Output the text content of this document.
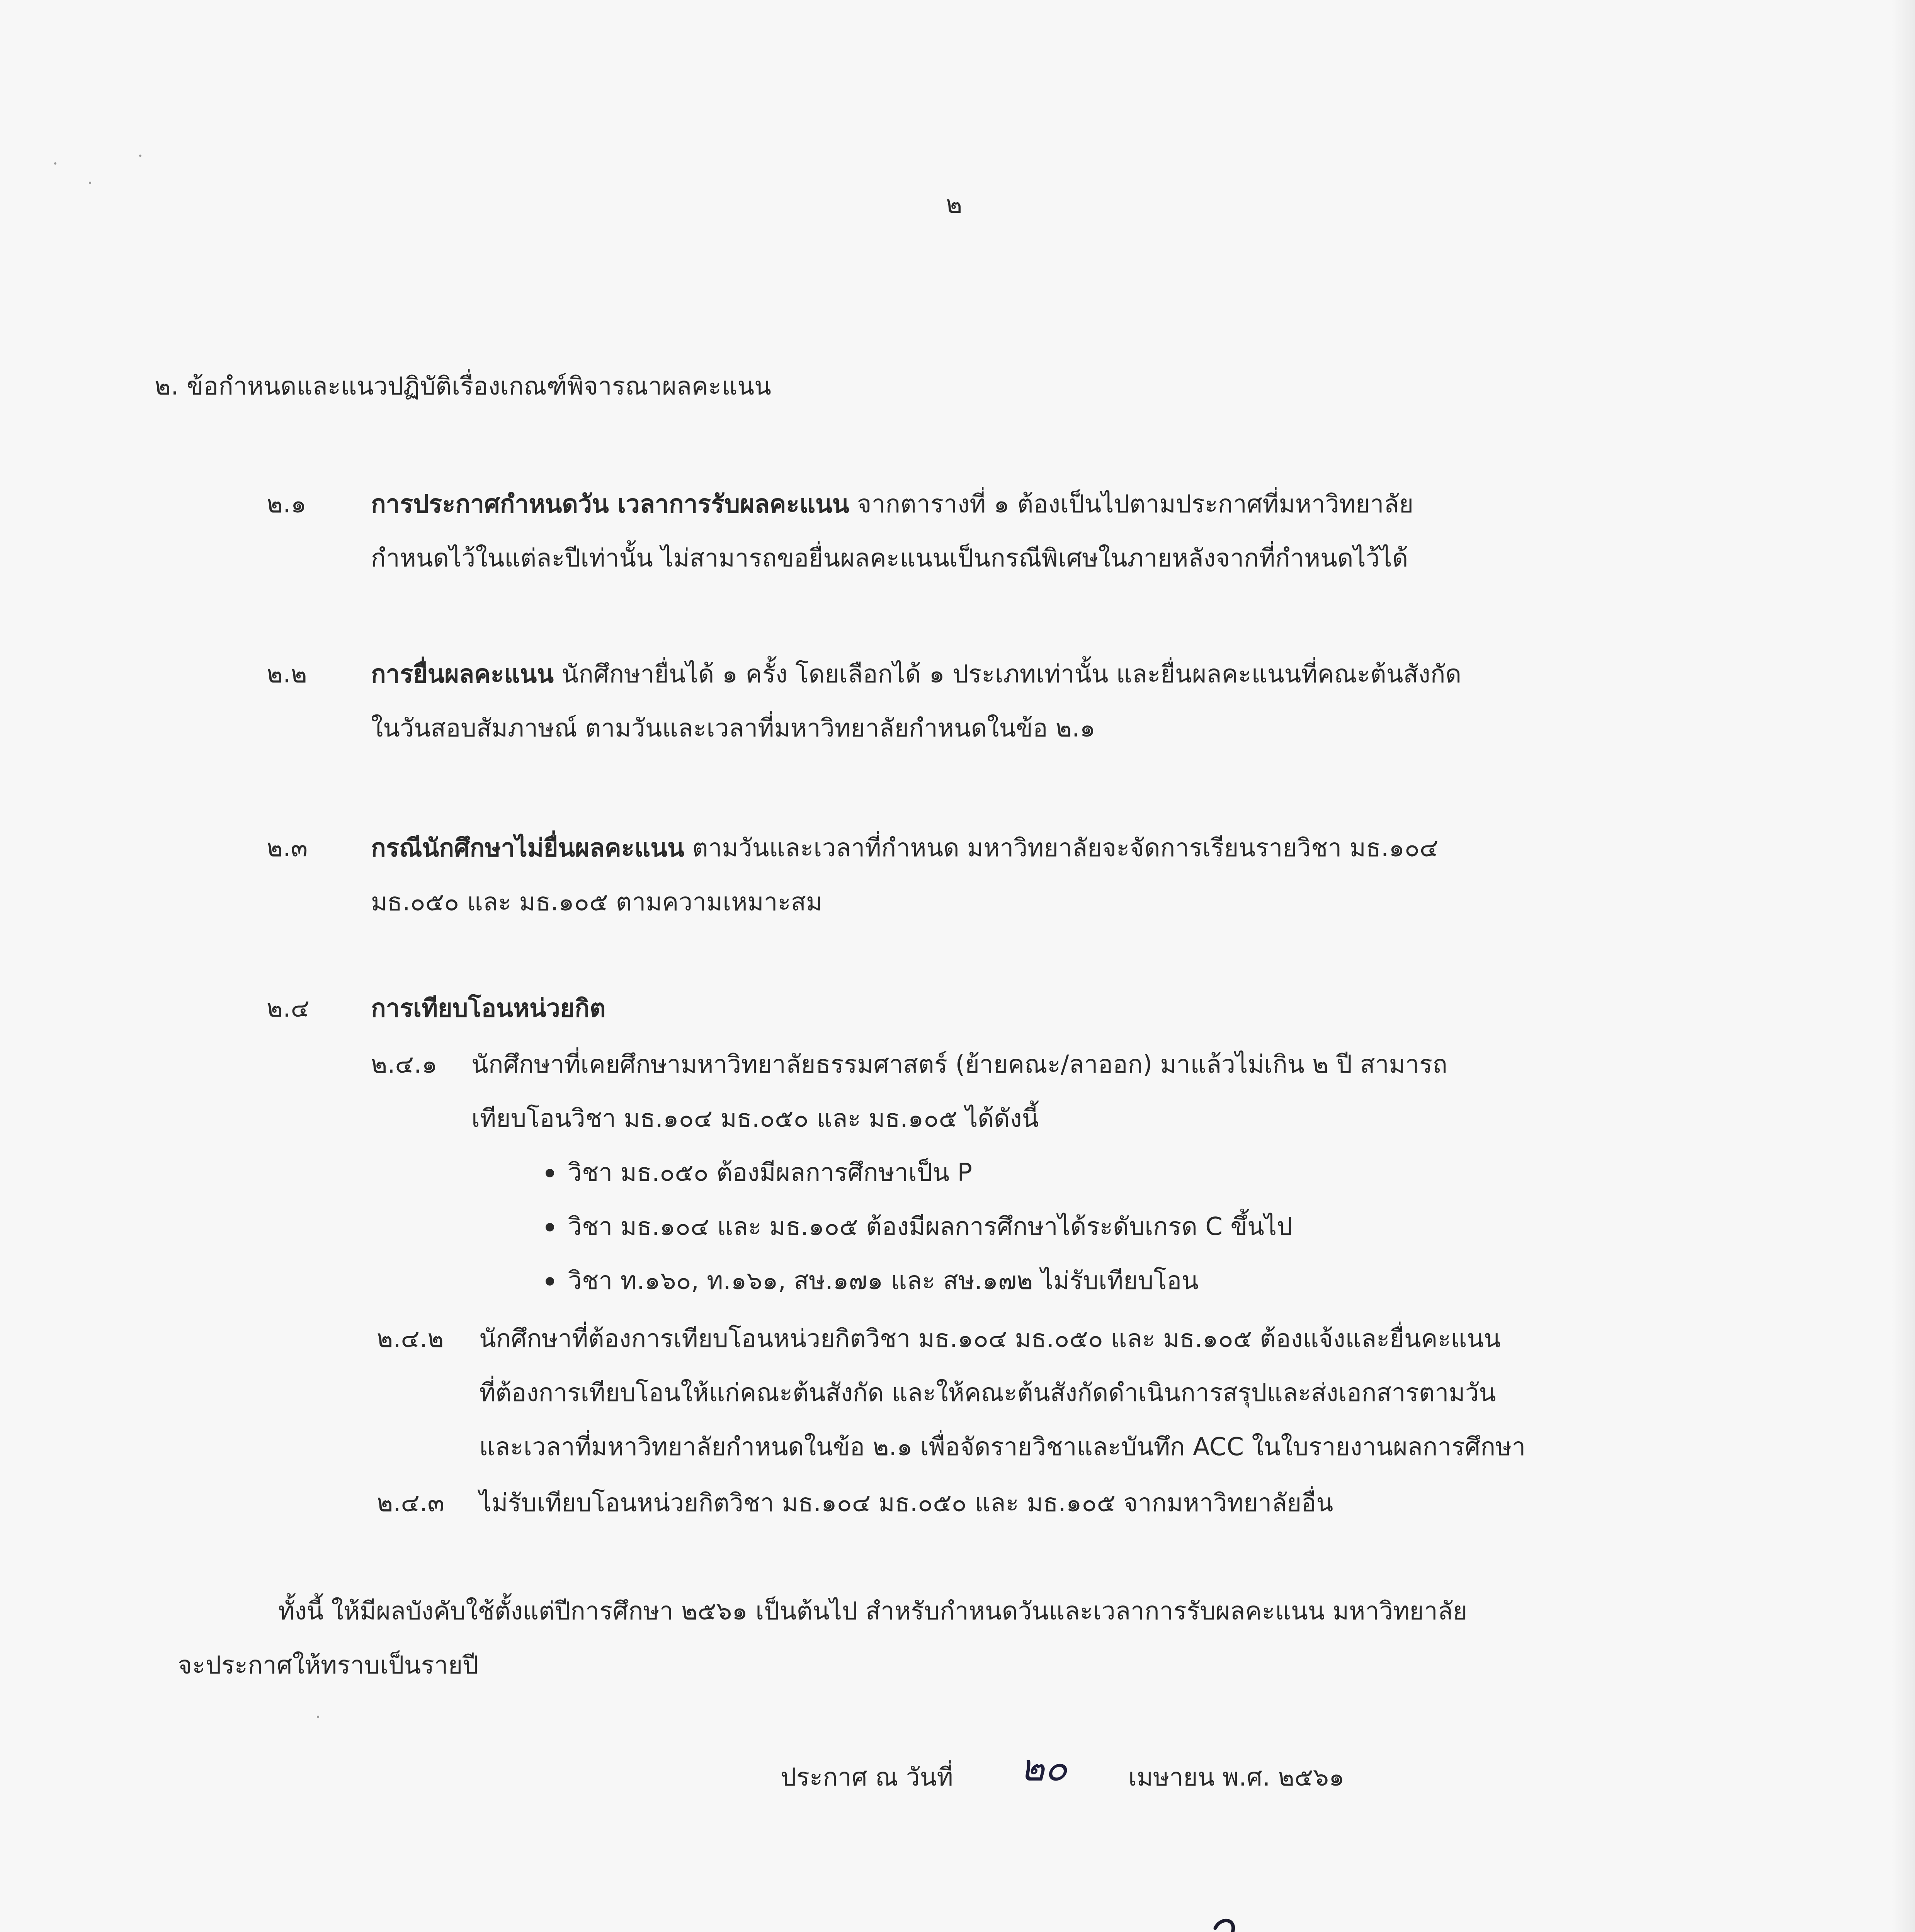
๒
๒. ข้อกำหนดและแนวปฏิบัติเรื่องเกณฑ์พิจารณาผลคะแนน
๒.๑	การประกาศกำหนดวัน เวลาการรับผลคะแนน จากตารางที่ ๑ ต้องเป็นไปตามประกาศที่มหาวิทยาลัย
กำหนดไว้ในแต่ละปีเท่านั้น ไม่สามารถขอยื่นผลคะแนนเป็นกรณีพิเศษในภายหลังจากที่กำหนดไว้ได้
๒.๒	การยื่นผลคะแนน นักศึกษายื่นได้ ๑ ครั้ง โดยเลือกได้ ๑ ประเภทเท่านั้น และยื่นผลคะแนนที่คณะต้นสังกัด
ในวันสอบสัมภาษณ์ ตามวันและเวลาที่มหาวิทยาลัยกำหนดในข้อ ๒.๑
๒.๓	กรณีนักศึกษาไม่ยื่นผลคะแนน ตามวันและเวลาที่กำหนด มหาวิทยาลัยจะจัดการเรียนรายวิชา มธ.๑๐๔
มธ.๐๕๐ และ มธ.๑๐๕ ตามความเหมาะสม
๒.๔ การเทียบโอนหน่วยกิต
๒.๔.๑ นักศึกษาที่เคยศึกษามหาวิทยาลัยธรรมศาสตร์ (ย้ายคณะ/ลาออก) มาแล้วไม่เกิน ๒ ปี สามารถ
เทียบโอนวิชา มธ.๑๐๔ มธ.๐๕๐ และ มธ.๑๐๕ ได้ดังนี้
วิชา มธ.๐๕๐ ต้องมีผลการศึกษาเป็น P
วิชา มธ.๑๐๔ และ มธ.๑๐๕ ต้องมีผลการศึกษาได้ระดับเกรด C ขึ้นไป
วิชา ท.๑๖๐, ท.๑๖๑, สษ.๑๗๑ และ สษ.๑๗๒ ไม่รับเทียบโอน
๒.๔.๒ นักศึกษาที่ต้องการเทียบโอนหน่วยกิตวิชา มธ.๑๐๔ มธ.๐๕๐ และ มธ.๑๐๕ ต้องแจ้งและยื่นคะแนน
ที่ต้องการเทียบโอนให้แก่คณะต้นสังกัด และให้คณะต้นสังกัดดำเนินการสรุปและส่งเอกสารตามวัน
และเวลาที่มหาวิทยาลัยกำหนดในข้อ ๒.๑ เพื่อจัดรายวิชาและบันทึก ACC ในใบรายงานผลการศึกษา
๒.๔.๓ ไม่รับเทียบโอนหน่วยกิตวิชา มธ.๑๐๔ มธ.๐๕๐ และ มธ.๑๐๕ จากมหาวิทยาลัยอื่น
ทั้งนี้ ให้มีผลบังคับใช้ตั้งแต่ปีการศึกษา ๒๕๖๑ เป็นต้นไป สำหรับกำหนดวันและเวลาการรับผลคะแนน มหาวิทยาลัย
จะประกาศให้ทราบเป็นรายปี
ประกาศ ณ วันที่ ๒๐ เมษายน พ.ศ. ๒๕๖๑
